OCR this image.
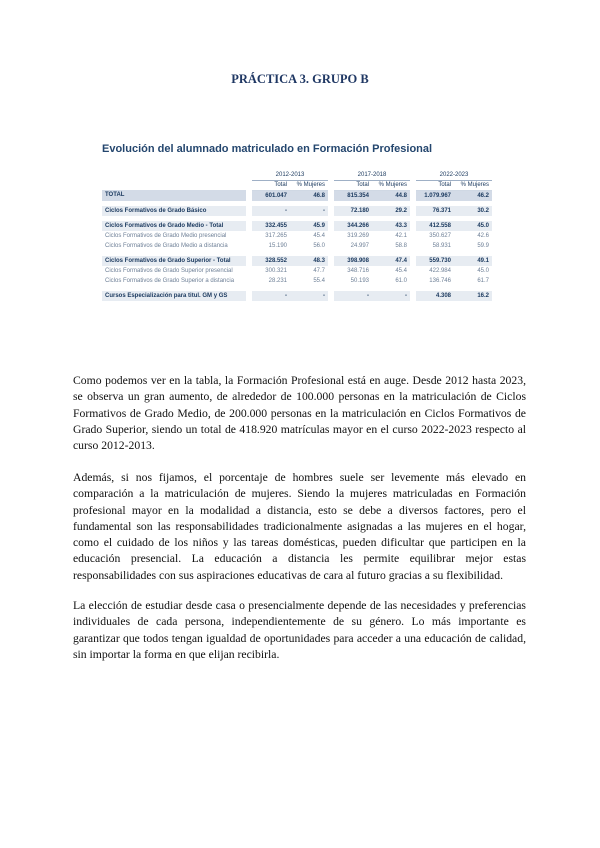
PRÁCTICA 3. GRUPO B
Evolución del alumnado matriculado en Formación Profesional
		2012-2013			2017-2018			2022-2023	
		Total	% Mujeres		Total	% Mujeres		Total	% Mujeres
TOTAL		601.047	46.8		815.354	44.8		1.079.967	46.2

Ciclos Formativos de Grado Básico		-	-		72.180	29.2		76.371	30.2

Ciclos Formativos de Grado Medio - Total		332.455	45.9		344.266	43.3		412.558	45.0
Ciclos Formativos de Grado Medio presencial		317.265	45.4		319.269	42.1		350.627	42.6
Ciclos Formativos de Grado Medio a distancia		15.190	56.0		24.997	58.8		58.931	59.9

Ciclos Formativos de Grado Superior - Total		328.552	48.3		398.908	47.4		559.730	49.1
Ciclos Formativos de Grado Superior presencial		300.321	47.7		348.716	45.4		422.984	45.0
Ciclos Formativos de Grado Superior a distancia		28.231	55.4		50.193	61.0		136.746	61.7

Cursos Especialización para titul. GM y GS		-	-		-	-		4.308	16.2

Como podemos ver en la tabla, la Formación Profesional está en auge. Desde 2012 hasta 2023, se observa un gran aumento, de alrededor de 100.000 personas en la matriculación de Ciclos Formativos de Grado Medio, de 200.000 personas en la matriculación en Ciclos Formativos de Grado Superior, siendo un total de 418.920 matrículas mayor en el curso 2022-2023 respecto al curso 2012-2013.

Además, si nos fijamos, el porcentaje de hombres suele ser levemente más elevado en comparación a la matriculación de mujeres. Siendo la mujeres matriculadas en Formación profesional mayor en la modalidad a distancia, esto se debe a diversos factores, pero el fundamental son las responsabilidades tradicionalmente asignadas a las mujeres en el hogar, como el cuidado de los niños y las tareas domésticas, pueden dificultar que participen en la educación presencial. La educación a distancia les permite equilibrar mejor estas responsabilidades con sus aspiraciones educativas de cara al futuro gracias a su flexibilidad.

La elección de estudiar desde casa o presencialmente depende de las necesidades y preferencias individuales de cada persona, independientemente de su género. Lo más importante es garantizar que todos tengan igualdad de oportunidades para acceder a una educación de calidad, sin importar la forma en que elijan recibirla.
